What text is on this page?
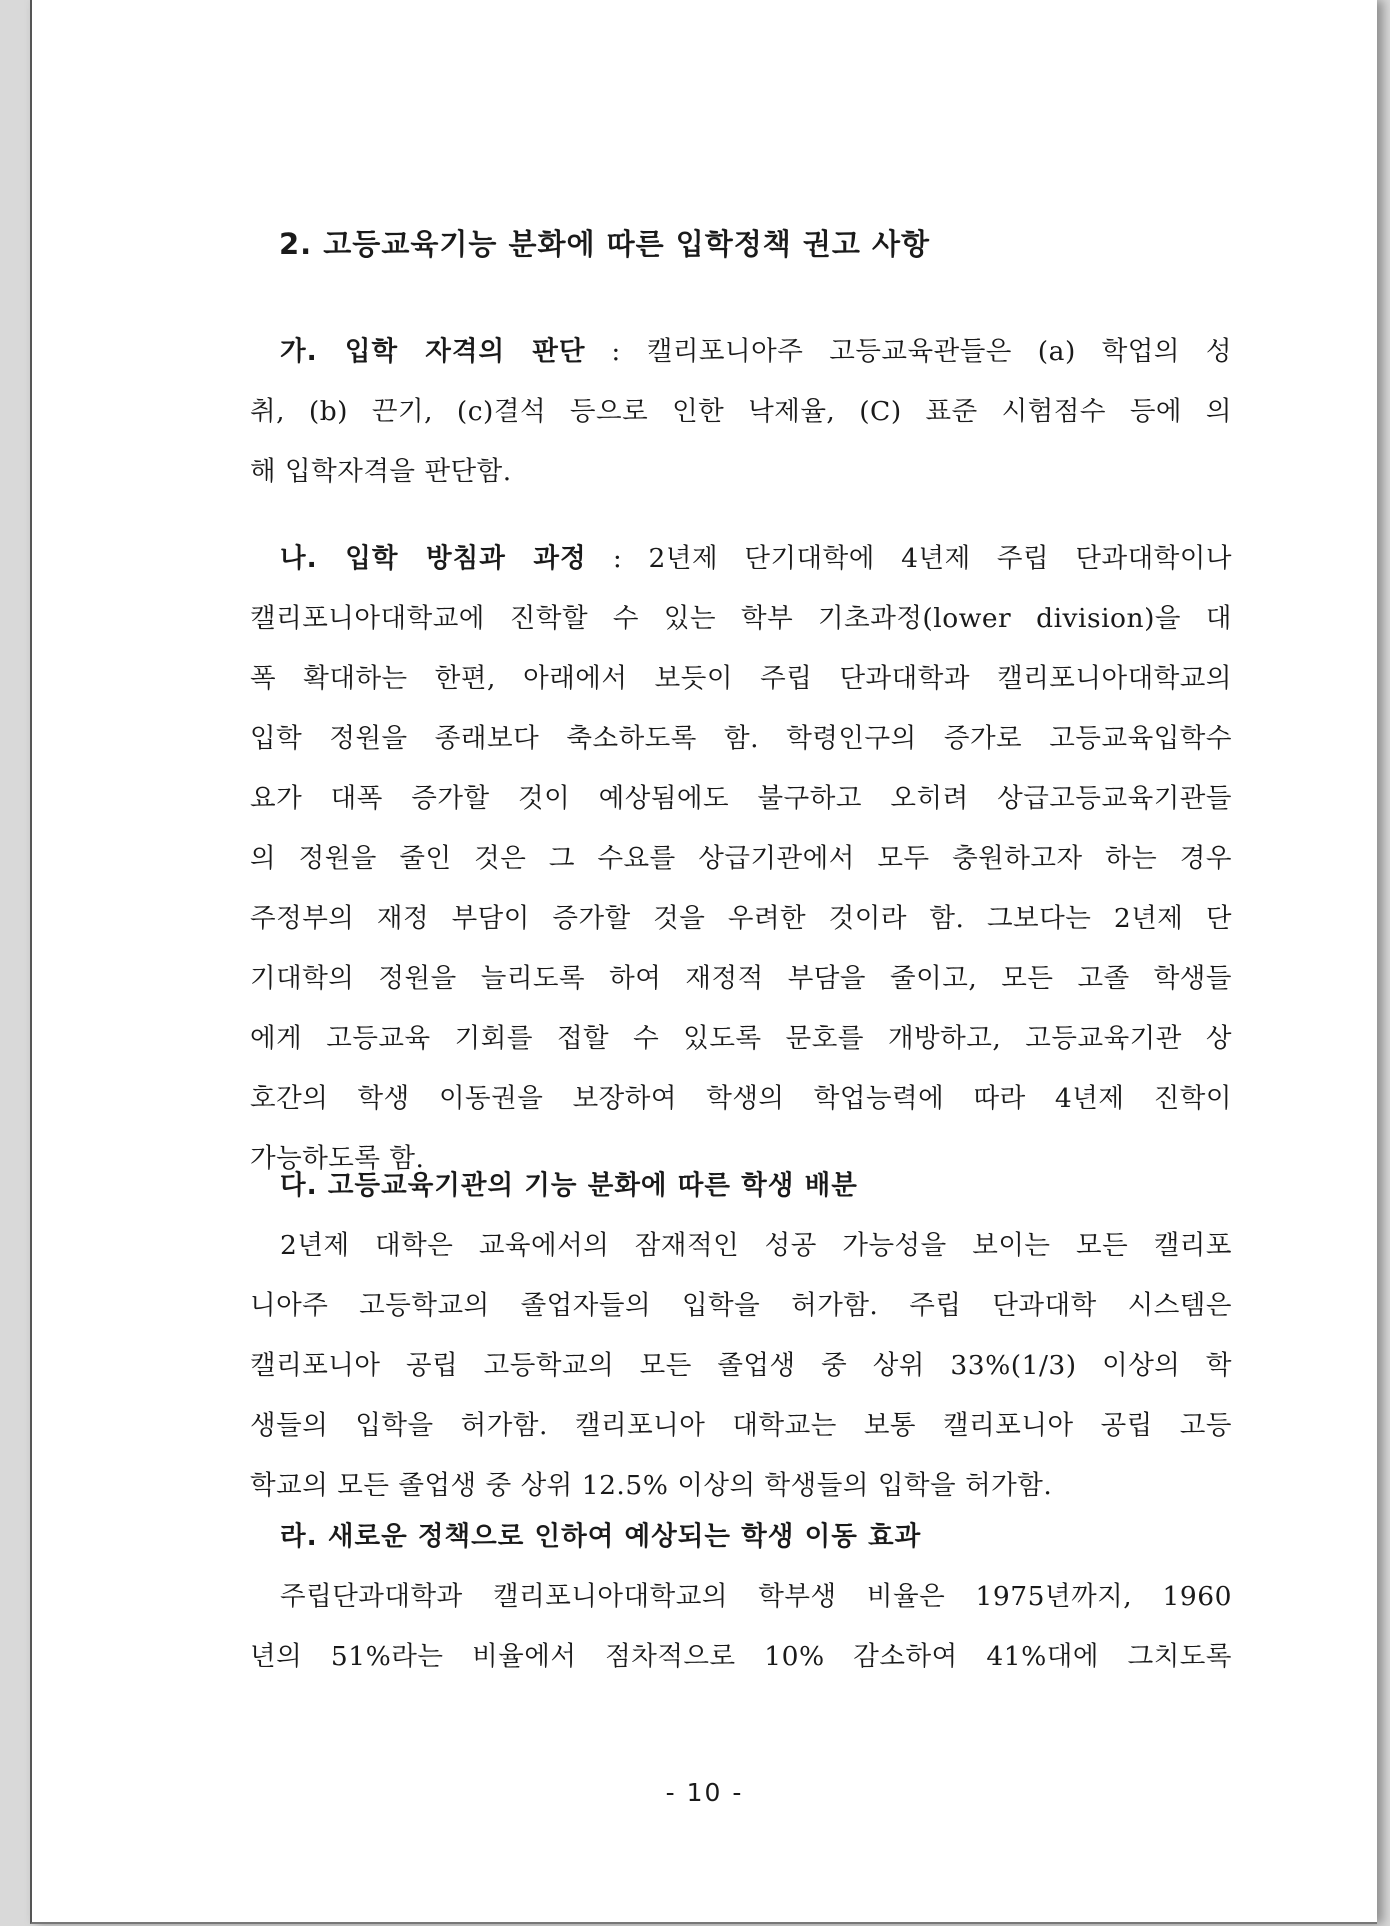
2. 고등교육기능 분화에 따른 입학정책 권고 사항
가. 입학 자격의 판단 : 캘리포니아주 고등교육관들은 (a) 학업의 성
취, (b) 끈기, (c)결석 등으로 인한 낙제율, (C) 표준 시험점수 등에 의
해 입학자격을 판단함.
나. 입학 방침과 과정 : 2년제 단기대학에 4년제 주립 단과대학이나
캘리포니아대학교에 진학할 수 있는 학부 기초과정(lower division)을 대
폭 확대하는 한편, 아래에서 보듯이 주립 단과대학과 캘리포니아대학교의
입학 정원을 종래보다 축소하도록 함. 학령인구의 증가로 고등교육입학수
요가 대폭 증가할 것이 예상됨에도 불구하고 오히려 상급고등교육기관들
의 정원을 줄인 것은 그 수요를 상급기관에서 모두 충원하고자 하는 경우
주정부의 재정 부담이 증가할 것을 우려한 것이라 함. 그보다는 2년제 단
기대학의 정원을 늘리도록 하여 재정적 부담을 줄이고, 모든 고졸 학생들
에게 고등교육 기회를 접할 수 있도록 문호를 개방하고, 고등교육기관 상
호간의 학생 이동권을 보장하여 학생의 학업능력에 따라 4년제 진학이
가능하도록 함.
다. 고등교육기관의 기능 분화에 따른 학생 배분
2년제 대학은 교육에서의 잠재적인 성공 가능성을 보이는 모든 캘리포
니아주 고등학교의 졸업자들의 입학을 허가함. 주립 단과대학 시스템은
캘리포니아 공립 고등학교의 모든 졸업생 중 상위 33%(1/3) 이상의 학
생들의 입학을 허가함. 캘리포니아 대학교는 보통 캘리포니아 공립 고등
학교의 모든 졸업생 중 상위 12.5% 이상의 학생들의 입학을 허가함.
라. 새로운 정책으로 인하여 예상되는 학생 이동 효과
주립단과대학과 캘리포니아대학교의 학부생 비율은 1975년까지, 1960
년의 51%라는 비율에서 점차적으로 10% 감소하여 41%대에 그치도록
- 10 -
